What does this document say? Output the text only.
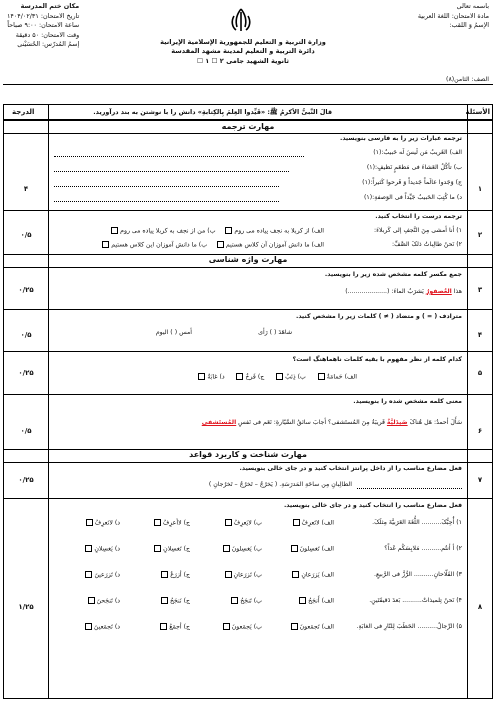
باسمه تعالی
مادة الامتحان: اللغة العربیة
الإسمُ وَ اللقب:
وزارة التربیة و التعلیم للجمهوریة الإسلامیة الإیرانیة
دائرة التربیة و التعلیم لمدینة مشهد المقدسة
ثانویة الشهید جامی ۲ ☐ ۱ ☐
مکان ختم المدرسة
تاریخ الامتحان: ۱۴۰۴/۰۲/۳۱
ساعة الامتحان: ۹:۰۰ صباحاً
وقت الامتحان: ۵۰ دقیقة
إسمُ المُدرّس: الحُسَیْنی
الصف: الثامن(۸)
الأسئلة
الدرجة	قالَ النَّبیُّ الأکرمُ ﷺ: «قَیِّدوا العِلمَ بِالکِتابةِ» دانش را با نوشتن به بند درآورید.
مهارت ترجمه
۱
۴
ترجمه عبارات زیر را به فارسی بنویسید.
الف) الغَریبُ مَن لَیسَ لَه حَبیبٌ:(۱)
ب) تأکُلُ العَشاءَ فی مَطعَمٍ نَظیفٍ:(۱)
ج) وَجَدوا عالَماً جَدیداً وَ فَرحوا کَثیراً:(۱)
د) ما کُتِبَ الحَبیبُ جَیِّداً فی الوَصفةِ:(۱)
۲
۰/۵
ترجمه درست را انتخاب کنید.
۱) أنا أمشی مِنَ النَّجفِ إلی کَربلاءَ:
الف) از کربلا به نجف پیاده می روم    ب) من از نجف به کربلا پیاده می روم
۲) نَحنُ طالِباتُ ذلکَ الصَّفِّ:
الف) ما دانش آموزان آن کلاس هستیم    ب) ما دانش آموزان این کلاس هستیم
مهارت واژه شناسی
۳
۰/۲۵
جمع مکسر کلمه مشخص شده زیر را بنویسید.
هذا العُصفورُ یَشرَبُ الماءَ: (....................)
۴
۰/۵
مترادف ( = ) و متضاد ( ≠ ) کلمات زیر را مشخص کنید.
شاهَدَ ( ) رَأی
أمس ( ) الیوم
۵
۰/۲۵
کدام کلمه از نظر مفهوم با بقیه کلمات ناهماهنگ است؟
الف) حَمامَةٌ     ب) ذِئبٌ     ج) فَرخٌ     د) غابَةٌ
۶
۰/۵
معنی کلمه مشخص شده را بنویسید.
سَأَلَ أحمدُ: هَل هُناکَ صَیدَلیَّةٌ قَریبَةٌ مِنَ المُستَشفی؟ أجابَ سائقُ السَّیّارةِ: نَعَم فی نَفسِ المُستَشفی
مهارت شناخت و کاربرد قواعد
۷
۰/۲۵
فعل مضارع مناسب را از داخل پرانتز انتخاب کنید و در جای خالی بنویسید.
الطالِبانِ مِن ساحَةِ المَدرَسَةِ. ( یَخرُجُ – تَخرُجُ – تَخرُجانِ )
۸
۱/۲۵
فعل مضارع مناسب را انتخاب کنید و در جای خالی بنویسید.
۱) أُحِبُّکَ.......... اللُّغَةَ العَرَبیَّةَ مِثلَکَ.
الف) لاتَعرِفُ
ب) لایَعرِفُ
ج) لاأعرِفُ
د) لانَعرِفُ
۲) أ أنتُم.......... مَلابِسَکُم غَداً؟
الف) تَغسِلونَ
ب) یَغسِلونَ
ج) تَغسِلانِ
د) یَغسِلانِ
۳) الفَلّاحانِ.......... الرُّزَّ فی الرَّبیعِ.
الف) یَزرَعانِ
ب) تَزرَعانِ
ج) أزرَعُ
د) تَزرَعینَ
۴) نَحنُ تِلمیذاتٌ.......... بَعدَ دَقیقَتَینِ.
الف) أَنجَحُ
ب) تَنجَحُ
ج) نَنجَحُ
د) تَنجَحنَ
۵) الرِّجالُ.......... الحَطَبَ لِلنّارِ فی الغابَةِ.
الف) تَجمَعونَ
ب) یَجمَعونَ
ج) أجمَعُ
د) تَجمَعینَ
